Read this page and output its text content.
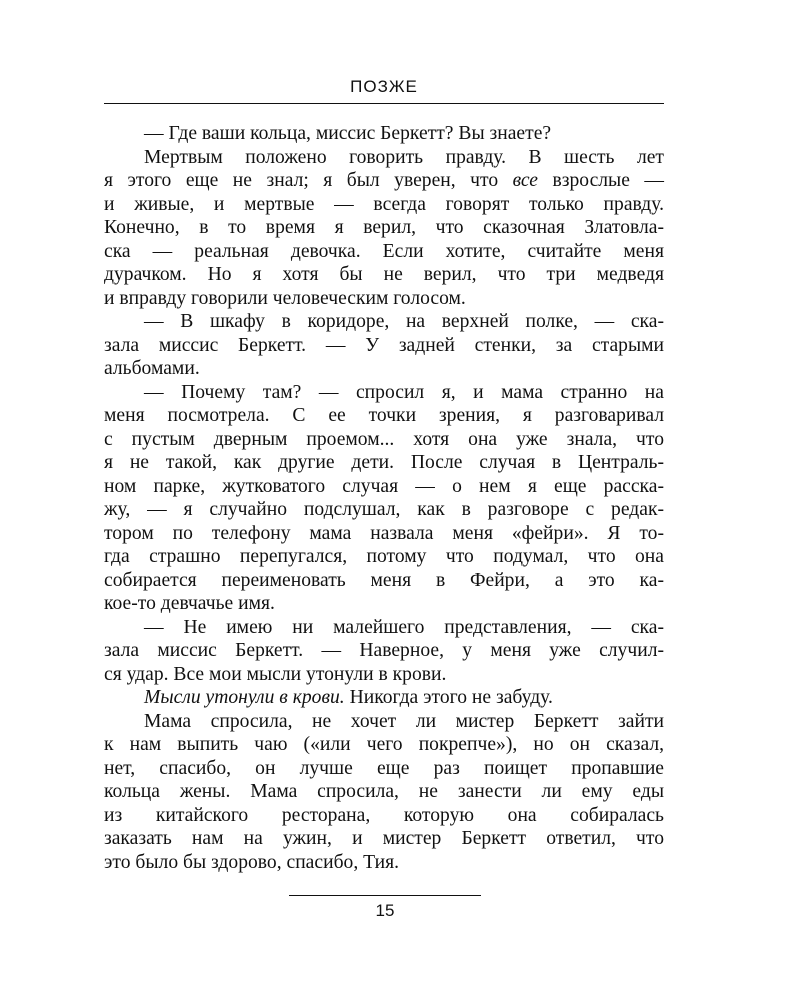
ПОЗЖЕ
— Где ваши кольца, миссис Беркетт? Вы знаете?
Мертвым положено говорить правду. В шесть лет
я этого еще не знал; я был уверен, что все взрослые —
и живые, и мертвые — всегда говорят только правду.
Конечно, в то время я верил, что сказочная Златовла-
ска — реальная девочка. Если хотите, считайте меня
дурачком. Но я хотя бы не верил, что три медведя
и вправду говорили человеческим голосом.
— В шкафу в коридоре, на верхней полке, — ска-
зала миссис Беркетт. — У задней стенки, за старыми
альбомами.
— Почему там? — спросил я, и мама странно на
меня посмотрела. С ее точки зрения, я разговаривал
с пустым дверным проемом... хотя она уже знала, что
я не такой, как другие дети. После случая в Централь-
ном парке, жутковатого случая — о нем я еще расска-
жу, — я случайно подслушал, как в разговоре с редак-
тором по телефону мама назвала меня «фейри». Я то-
гда страшно перепугался, потому что подумал, что она
собирается переименовать меня в Фейри, а это ка-
кое-то девчачье имя.
— Не имею ни малейшего представления, — ска-
зала миссис Беркетт. — Наверное, у меня уже случил-
ся удар. Все мои мысли утонули в крови.
Мысли утонули в крови. Никогда этого не забуду.
Мама спросила, не хочет ли мистер Беркетт зайти
к нам выпить чаю («или чего покрепче»), но он сказал,
нет, спасибо, он лучше еще раз поищет пропавшие
кольца жены. Мама спросила, не занести ли ему еды
из китайского ресторана, которую она собиралась
заказать нам на ужин, и мистер Беркетт ответил, что
это было бы здорово, спасибо, Тия.
15
